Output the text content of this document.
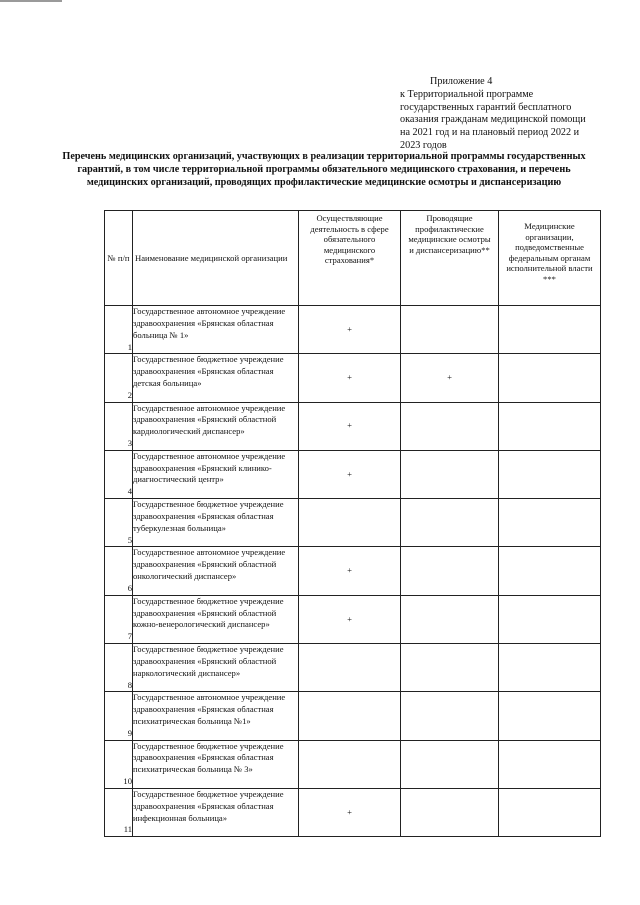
Приложение 4
к Территориальной программе
государственных гарантий бесплатного
оказания гражданам медицинской помощи
на 2021 год и на плановый период 2022 и
2023 годов
Перечень медицинских организаций, участвующих в реализации территориальной программы государственных гарантий, в том числе территориальной программы обязательного медицинского страхования, и перечень медицинских организаций, проводящих профилактические медицинские осмотры и диспансеризацию
№ п/п	Наименование медицинской организации	Осуществляющие деятельность в сфере обязательного медицинского страхования*	Проводящие профилактические медицинские осмотры и диспансеризацию**	Медицинские организации, подведомственные федеральным органам исполнительной власти ***
1	Государственное автономное учреждение здравоохранения «Брянская областная больница № 1»	+		
2	Государственное бюджетное учреждение здравоохранения «Брянская областная детская больница»	+	+	
3	Государственное автономное учреждение здравоохранения «Брянский областной кардиологический диспансер»	+		
4	Государственное автономное учреждение здравоохранения «Брянский клинико-диагностический центр»	+		
5	Государственное бюджетное учреждение здравоохранения «Брянская областная туберкулезная больница»			
6	Государственное автономное учреждение здравоохранения «Брянский областной онкологический диспансер»	+		
7	Государственное бюджетное учреждение здравоохранения «Брянский областной кожно-венерологический диспансер»	+		
8	Государственное бюджетное учреждение здравоохранения «Брянский областной наркологический диспансер»			
9	Государственное автономное учреждение здравоохранения «Брянская областная психиатрическая больница №1»			
10	Государственное бюджетное учреждение здравоохранения «Брянская областная психиатрическая больница № 3»			
11	Государственное бюджетное учреждение здравоохранения «Брянская областная инфекционная больница»	+		
